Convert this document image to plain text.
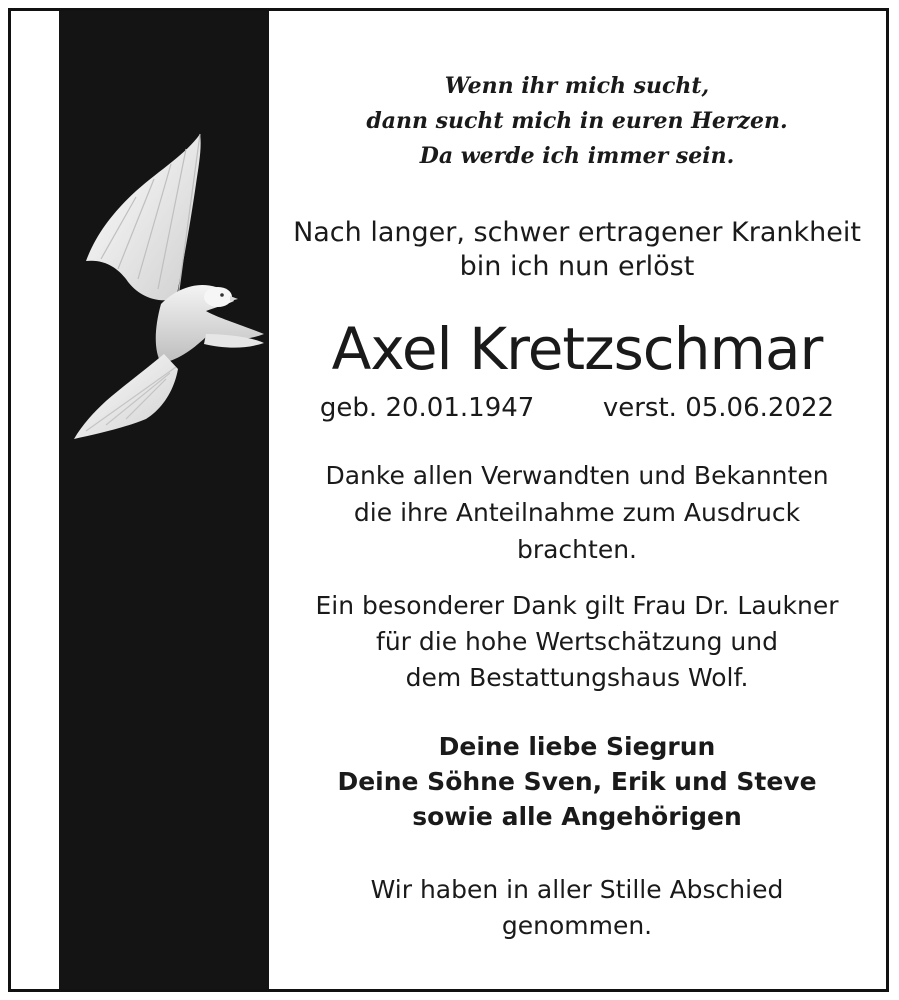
Wenn ihr mich sucht,
dann sucht mich in euren Herzen.
Da werde ich immer sein.
Nach langer, schwer ertragener Krankheit
bin ich nun erlöst
Axel Kretzschmar
geb. 20.01.1947	verst. 05.06.2022
Danke allen Verwandten und Bekannten
die ihre Anteilnahme zum Ausdruck
brachten.
Ein besonderer Dank gilt Frau Dr. Laukner
für die hohe Wertschätzung und
dem Bestattungshaus Wolf.
Deine liebe Siegrun
Deine Söhne Sven, Erik und Steve
sowie alle Angehörigen
Wir haben in aller Stille Abschied
genommen.
